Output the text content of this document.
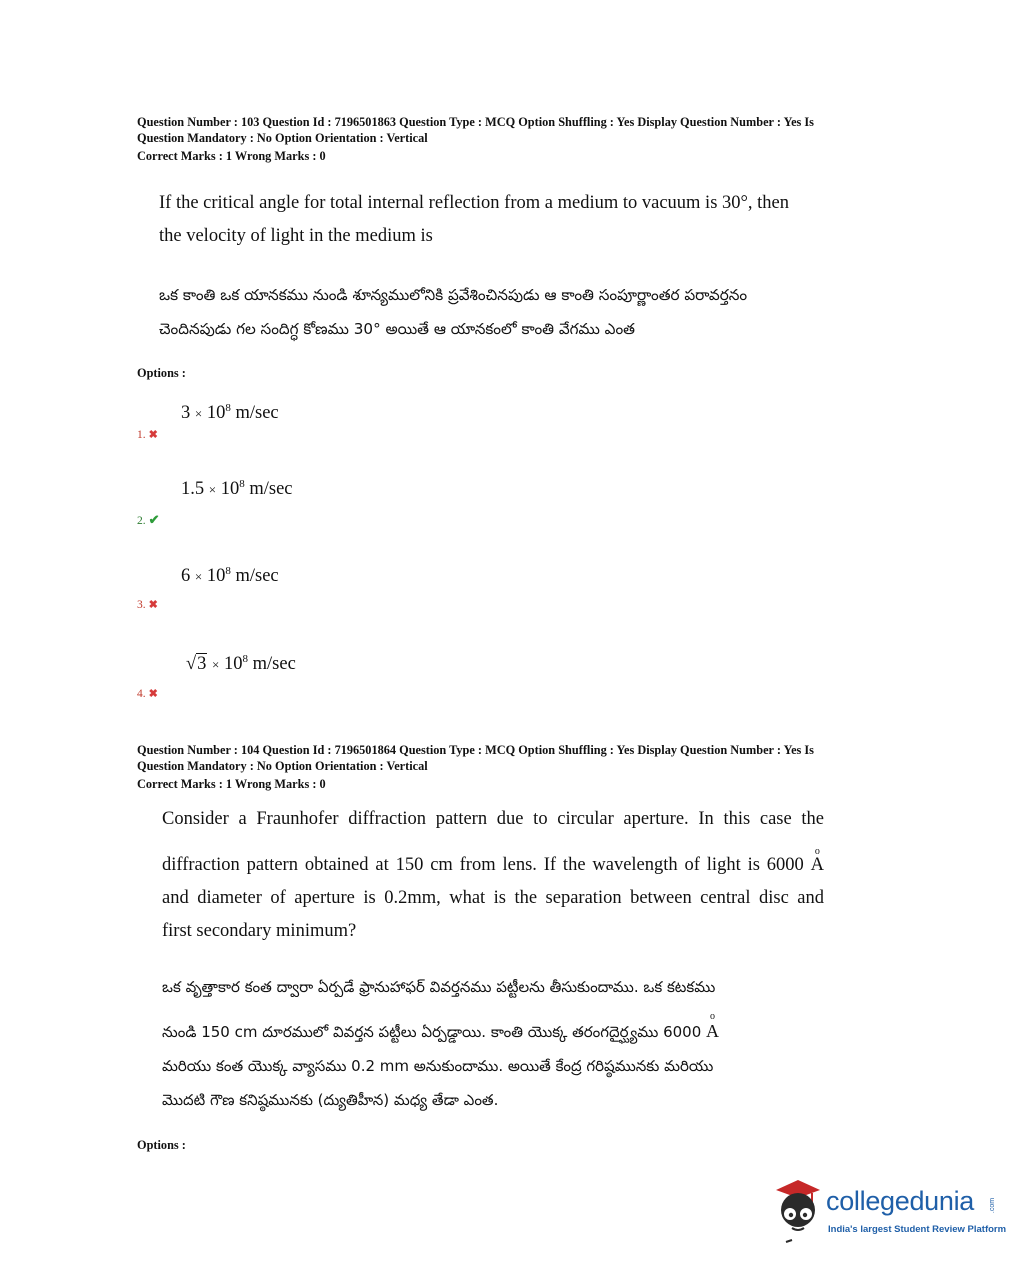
Question Number : 103 Question Id : 7196501863 Question Type : MCQ Option Shuffling : Yes Display Question Number : Yes Is
Question Mandatory : No Option Orientation : Vertical
Correct Marks : 1 Wrong Marks : 0

If the critical angle for total internal reflection from a medium to vacuum is 30°, then

the velocity of light in the medium is

ఒక కాంతి ఒక యానకము నుండి శూన్యములోనికి ప్రవేశించినపుడు ఆ కాంతి సంపూర్ణాంతర పరావర్తనం

చెందినపుడు గల సందిగ్ధ కోణము 30° అయితే ఆ యానకంలో కాంతి వేగము ఎంత

Options :
$3 \times 10^8$ m/sec
1. ✖
$1.5 \times 10^8$ m/sec
2. ✔
$6 \times 10^8$ m/sec
3. ✖
$√3 \times 10^8$ m/sec
4. ✖
Question Number : 104 Question Id : 7196501864 Question Type : MCQ Option Shuffling : Yes Display Question Number : Yes Is
Question Mandatory : No Option Orientation : Vertical
Correct Marks : 1 Wrong Marks : 0

Consider a Fraunhofer diffraction pattern due to circular aperture. In this case the

diffraction pattern obtained at 150 cm from lens. If the wavelength of light is 6000
o
A

and diameter of aperture is 0.2mm, what is the separation between central disc and

first secondary minimum?

ఒక వృత్తాకార కంత ద్వారా ఏర్పడే ఫ్రానుహాఫర్ వివర్తనము పట్టీలను తీసుకుందాము. ఒక కటకము

నుండి 150 cm దూరములో వివర్తన పట్టీలు ఏర్పడ్డాయి. కాంతి యొక్క తరంగదైర్ఘ్యము 6000
o
A

మరియు కంత యొక్క వ్యాసము 0.2 mm అనుకుందాము. అయితే కేంద్ర గరిష్ఠమునకు మరియు

మొదటి గౌణ కనిష్ఠమునకు (ద్యుతిహీన) మధ్య తేడా ఎంత.

Options :
collegedunia .com
India's largest Student Review Platform
